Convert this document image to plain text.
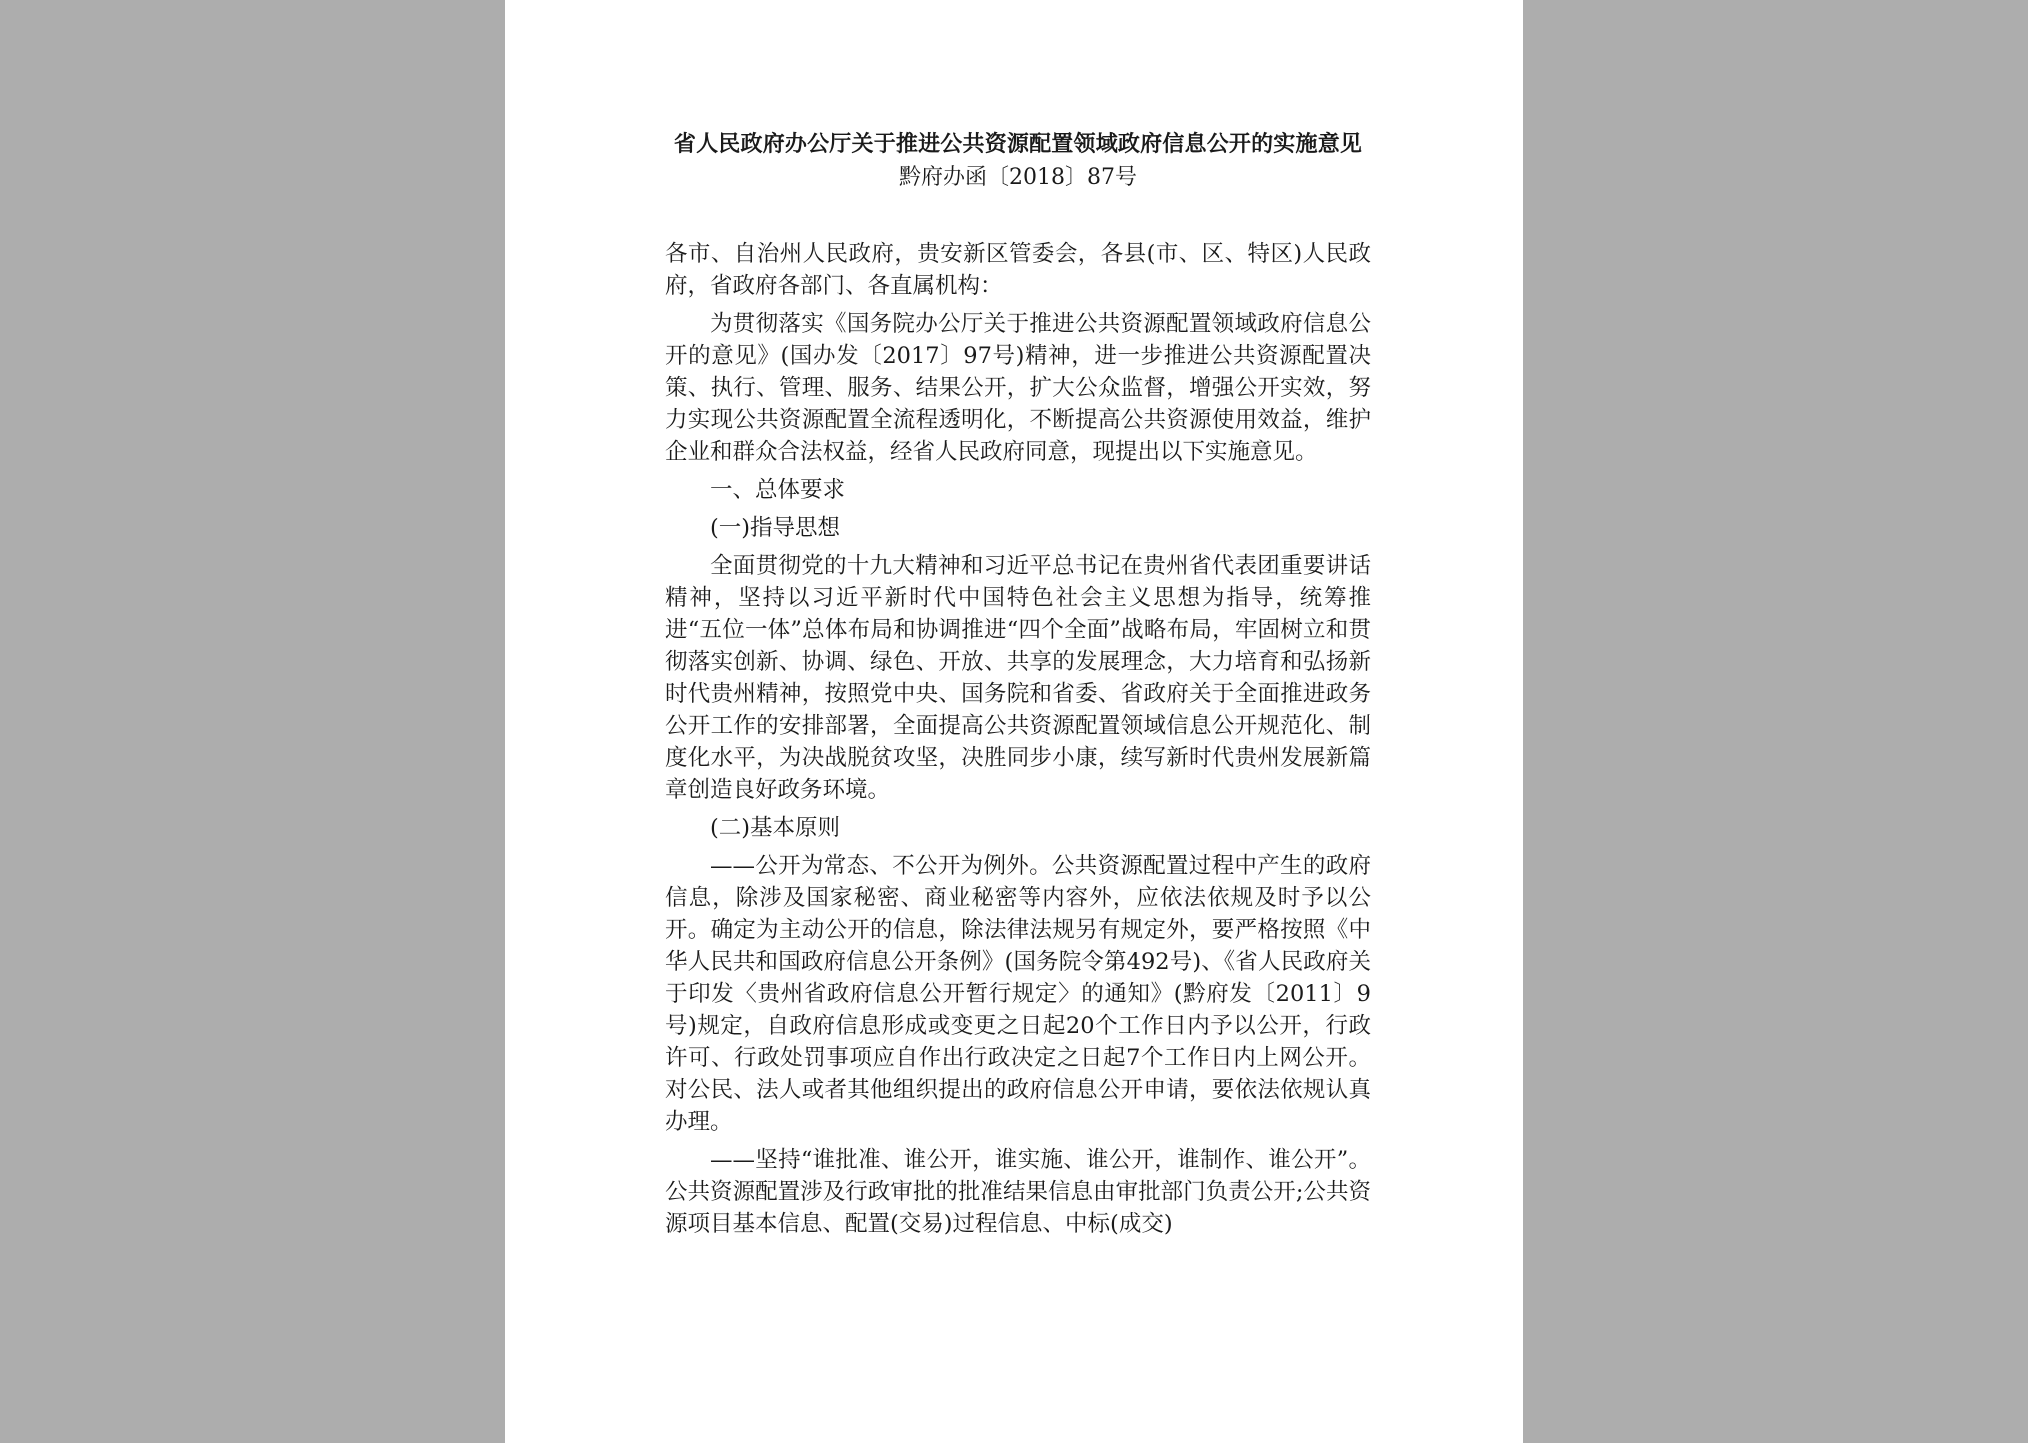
省人民政府办公厅关于推进公共资源配置领域政府信息公开的实施意见
黔府办函〔2018〕87号

各市、自治州人民政府，贵安新区管委会，各县(市、区、特区)人民政府，省政府各部门、各直属机构：

为贯彻落实《国务院办公厅关于推进公共资源配置领域政府信息公开的意见》(国办发〔2017〕97号)精神，进一步推进公共资源配置决策、执行、管理、服务、结果公开，扩大公众监督，增强公开实效，努力实现公共资源配置全流程透明化，不断提高公共资源使用效益，维护企业和群众合法权益，经省人民政府同意，现提出以下实施意见。

一、总体要求
(一)指导思想

全面贯彻党的十九大精神和习近平总书记在贵州省代表团重要讲话精神，坚持以习近平新时代中国特色社会主义思想为指导，统筹推进“五位一体”总体布局和协调推进“四个全面”战略布局，牢固树立和贯彻落实创新、协调、绿色、开放、共享的发展理念，大力培育和弘扬新时代贵州精神，按照党中央、国务院和省委、省政府关于全面推进政务公开工作的安排部署，全面提高公共资源配置领域信息公开规范化、制度化水平，为决战脱贫攻坚，决胜同步小康，续写新时代贵州发展新篇章创造良好政务环境。

(二)基本原则

——公开为常态、不公开为例外。公共资源配置过程中产生的政府信息，除涉及国家秘密、商业秘密等内容外，应依法依规及时予以公开。确定为主动公开的信息，除法律法规另有规定外，要严格按照《中华人民共和国政府信息公开条例》(国务院令第492号)、《省人民政府关于印发〈贵州省政府信息公开暂行规定〉的通知》(黔府发〔2011〕9号)规定，自政府信息形成或变更之日起20个工作日内予以公开，行政许可、行政处罚事项应自作出行政决定之日起7个工作日内上网公开。对公民、法人或者其他组织提出的政府信息公开申请，要依法依规认真办理。

——坚持“谁批准、谁公开，谁实施、谁公开，谁制作、谁公开”。公共资源配置涉及行政审批的批准结果信息由审批部门负责公开;公共资源项目基本信息、配置(交易)过程信息、中标(成交)
